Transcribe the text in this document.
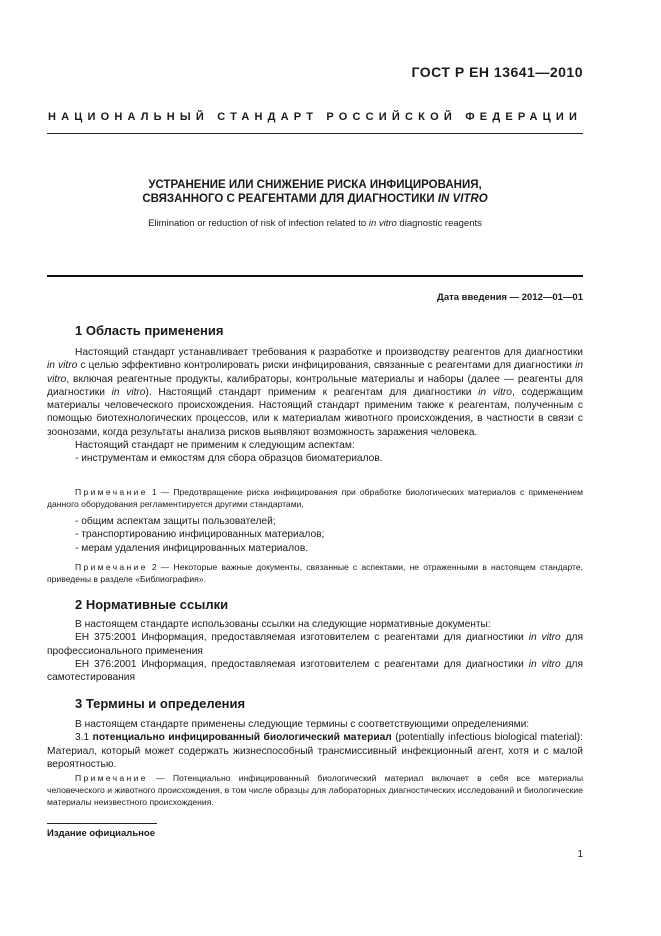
ГОСТ Р ЕН 13641—2010
НАЦИОНАЛЬНЫЙ СТАНДАРТ РОССИЙСКОЙ ФЕДЕРАЦИИ
УСТРАНЕНИЕ ИЛИ СНИЖЕНИЕ РИСКА ИНФИЦИРОВАНИЯ,
СВЯЗАННОГО С РЕАГЕНТАМИ ДЛЯ ДИАГНОСТИКИ IN VITRO
Elimination or reduction of risk of infection related to in vitro diagnostic reagents
Дата введения — 2012—01—01
1 Область применения

Настоящий стандарт устанавливает требования к разработке и производству реагентов для диагностики in vitro с целью эффективно контролировать риски инфицирования, связанные с реагентами для диагностики in vitro, включая реагентные продукты, калибраторы, контрольные материалы и наборы (далее — реагенты для диагностики in vitro). Настоящий стандарт применим к реагентам для диагностики in vitro, содержащим материалы человеческого происхождения. Настоящий стандарт применим также к реагентам, полученным с помощью биотехнологических процессов, или к материалам животного происхождения, в частности в связи с зоонозами, когда результаты анализа рисков выявляют возможность заражения человека.

Настоящий стандарт не применим к следующим аспектам:

- инструментам и емкостям для сбора образцов биоматериалов.

Примечание 1 — Предотвращение риска инфицирования при обработке биологических материалов с применением данного оборудования регламентируется другими стандартами,

- общим аспектам защиты пользователей;

- транспортированию инфицированных материалов;

- мерам удаления инфицированных материалов.

Примечание 2 — Некоторые важные документы, связанные с аспектами, не отраженными в настоящем стандарте, приведены в разделе «Библиография».

2 Нормативные ссылки

В настоящем стандарте использованы ссылки на следующие нормативные документы:

ЕН 375:2001 Информация, предоставляемая изготовителем с реагентами для диагностики in vitro для профессионального применения

ЕН 376:2001 Информация, предоставляемая изготовителем с реагентами для диагностики in vitro для самотестирования

3 Термины и определения

В настоящем стандарте применены следующие термины с соответствующими определениями:

3.1 потенциально инфицированный биологический материал (potentially infectious biological material): Материал, который может содержать жизнеспособный трансмиссивный инфекционный агент, хотя и с малой вероятностью.

Примечание — Потенциально инфицированный биологический материал включает в себя все материалы человеческого и животного происхождения, в том числе образцы для лабораторных диагностических исследований и биологические материалы неизвестного происхождения.

Издание официальное
1
